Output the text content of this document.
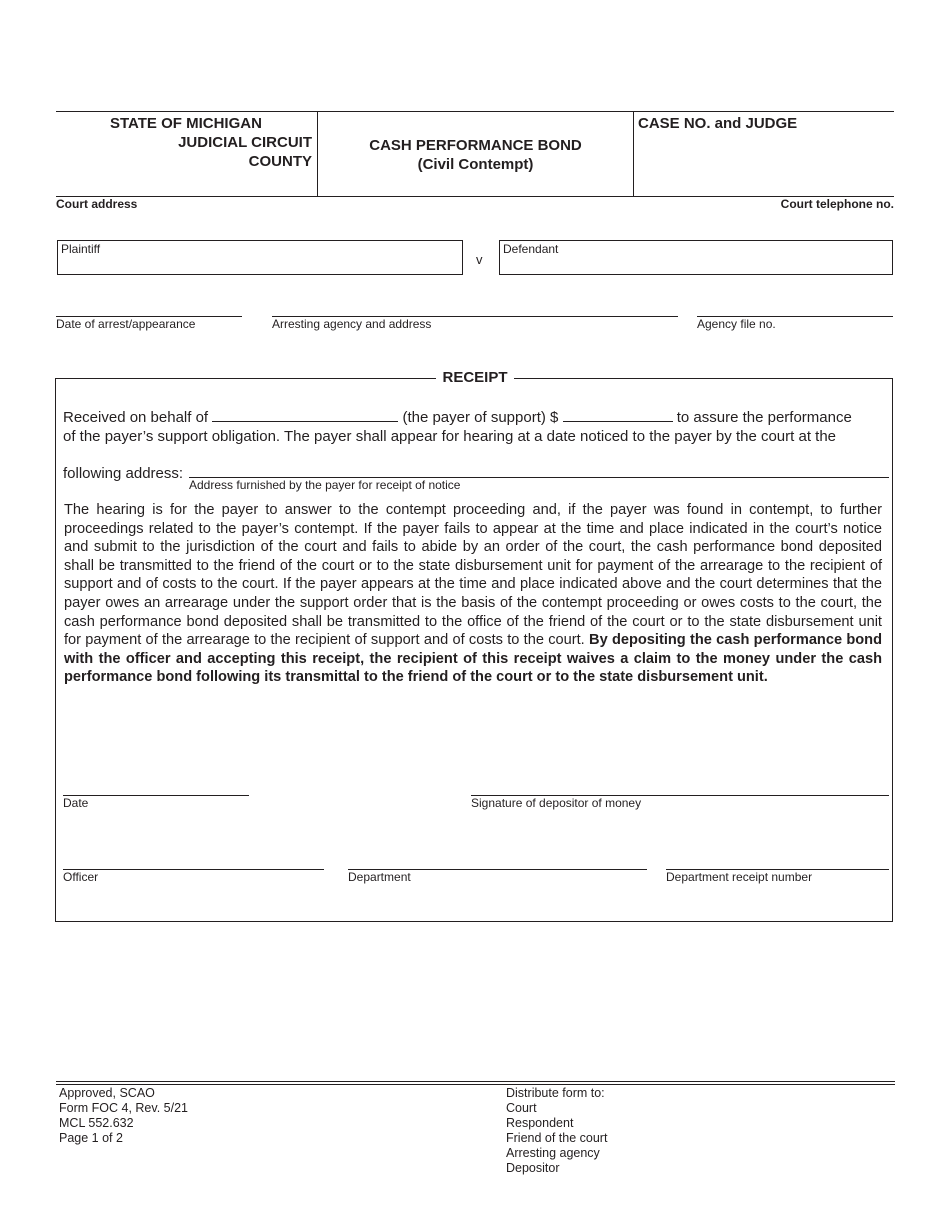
STATE OF MICHIGAN
JUDICIAL CIRCUIT
COUNTY
CASH PERFORMANCE BOND
(Civil Contempt)
CASE NO. and JUDGE
Court address	Court telephone no.
Plaintiff
v
Defendant
Date of arrest/appearance	Arresting agency and address	Agency file no.
RECEIPT
Received on behalf of	(the payer of support) $	to assure the performance
of the payer’s support obligation. The payer shall appear for hearing at a date noticed to the payer by the court at the
following address:
Address furnished by the payer for receipt of notice
The hearing is for the payer to answer to the contempt proceeding and, if the payer was found in contempt, to further proceedings related to the payer’s contempt. If the payer fails to appear at the time and place indicated in the court’s notice and submit to the jurisdiction of the court and fails to abide by an order of the court, the cash performance bond deposited shall be transmitted to the friend of the court or to the state disbursement unit for payment of the arrearage to the recipient of support and of costs to the court. If the payer appears at the time and place indicated above and the court determines that the payer owes an arrearage under the support order that is the basis of the contempt proceeding or owes costs to the court, the cash performance bond deposited shall be transmitted to the office of the friend of the court or to the state disbursement unit for payment of the arrearage to the recipient of support and of costs to the court. By depositing the cash performance bond with the officer and accepting this receipt, the recipient of this receipt waives a claim to the money under the cash performance bond following its transmittal to the friend of the court or to the state disbursement unit.
Date	Signature of depositor of money
Officer	Department	Department receipt number
Approved, SCAO
Form FOC 4, Rev. 5/21
MCL 552.632
Page 1 of 2
Distribute form to:
Court
Respondent
Friend of the court
Arresting agency
Depositor
